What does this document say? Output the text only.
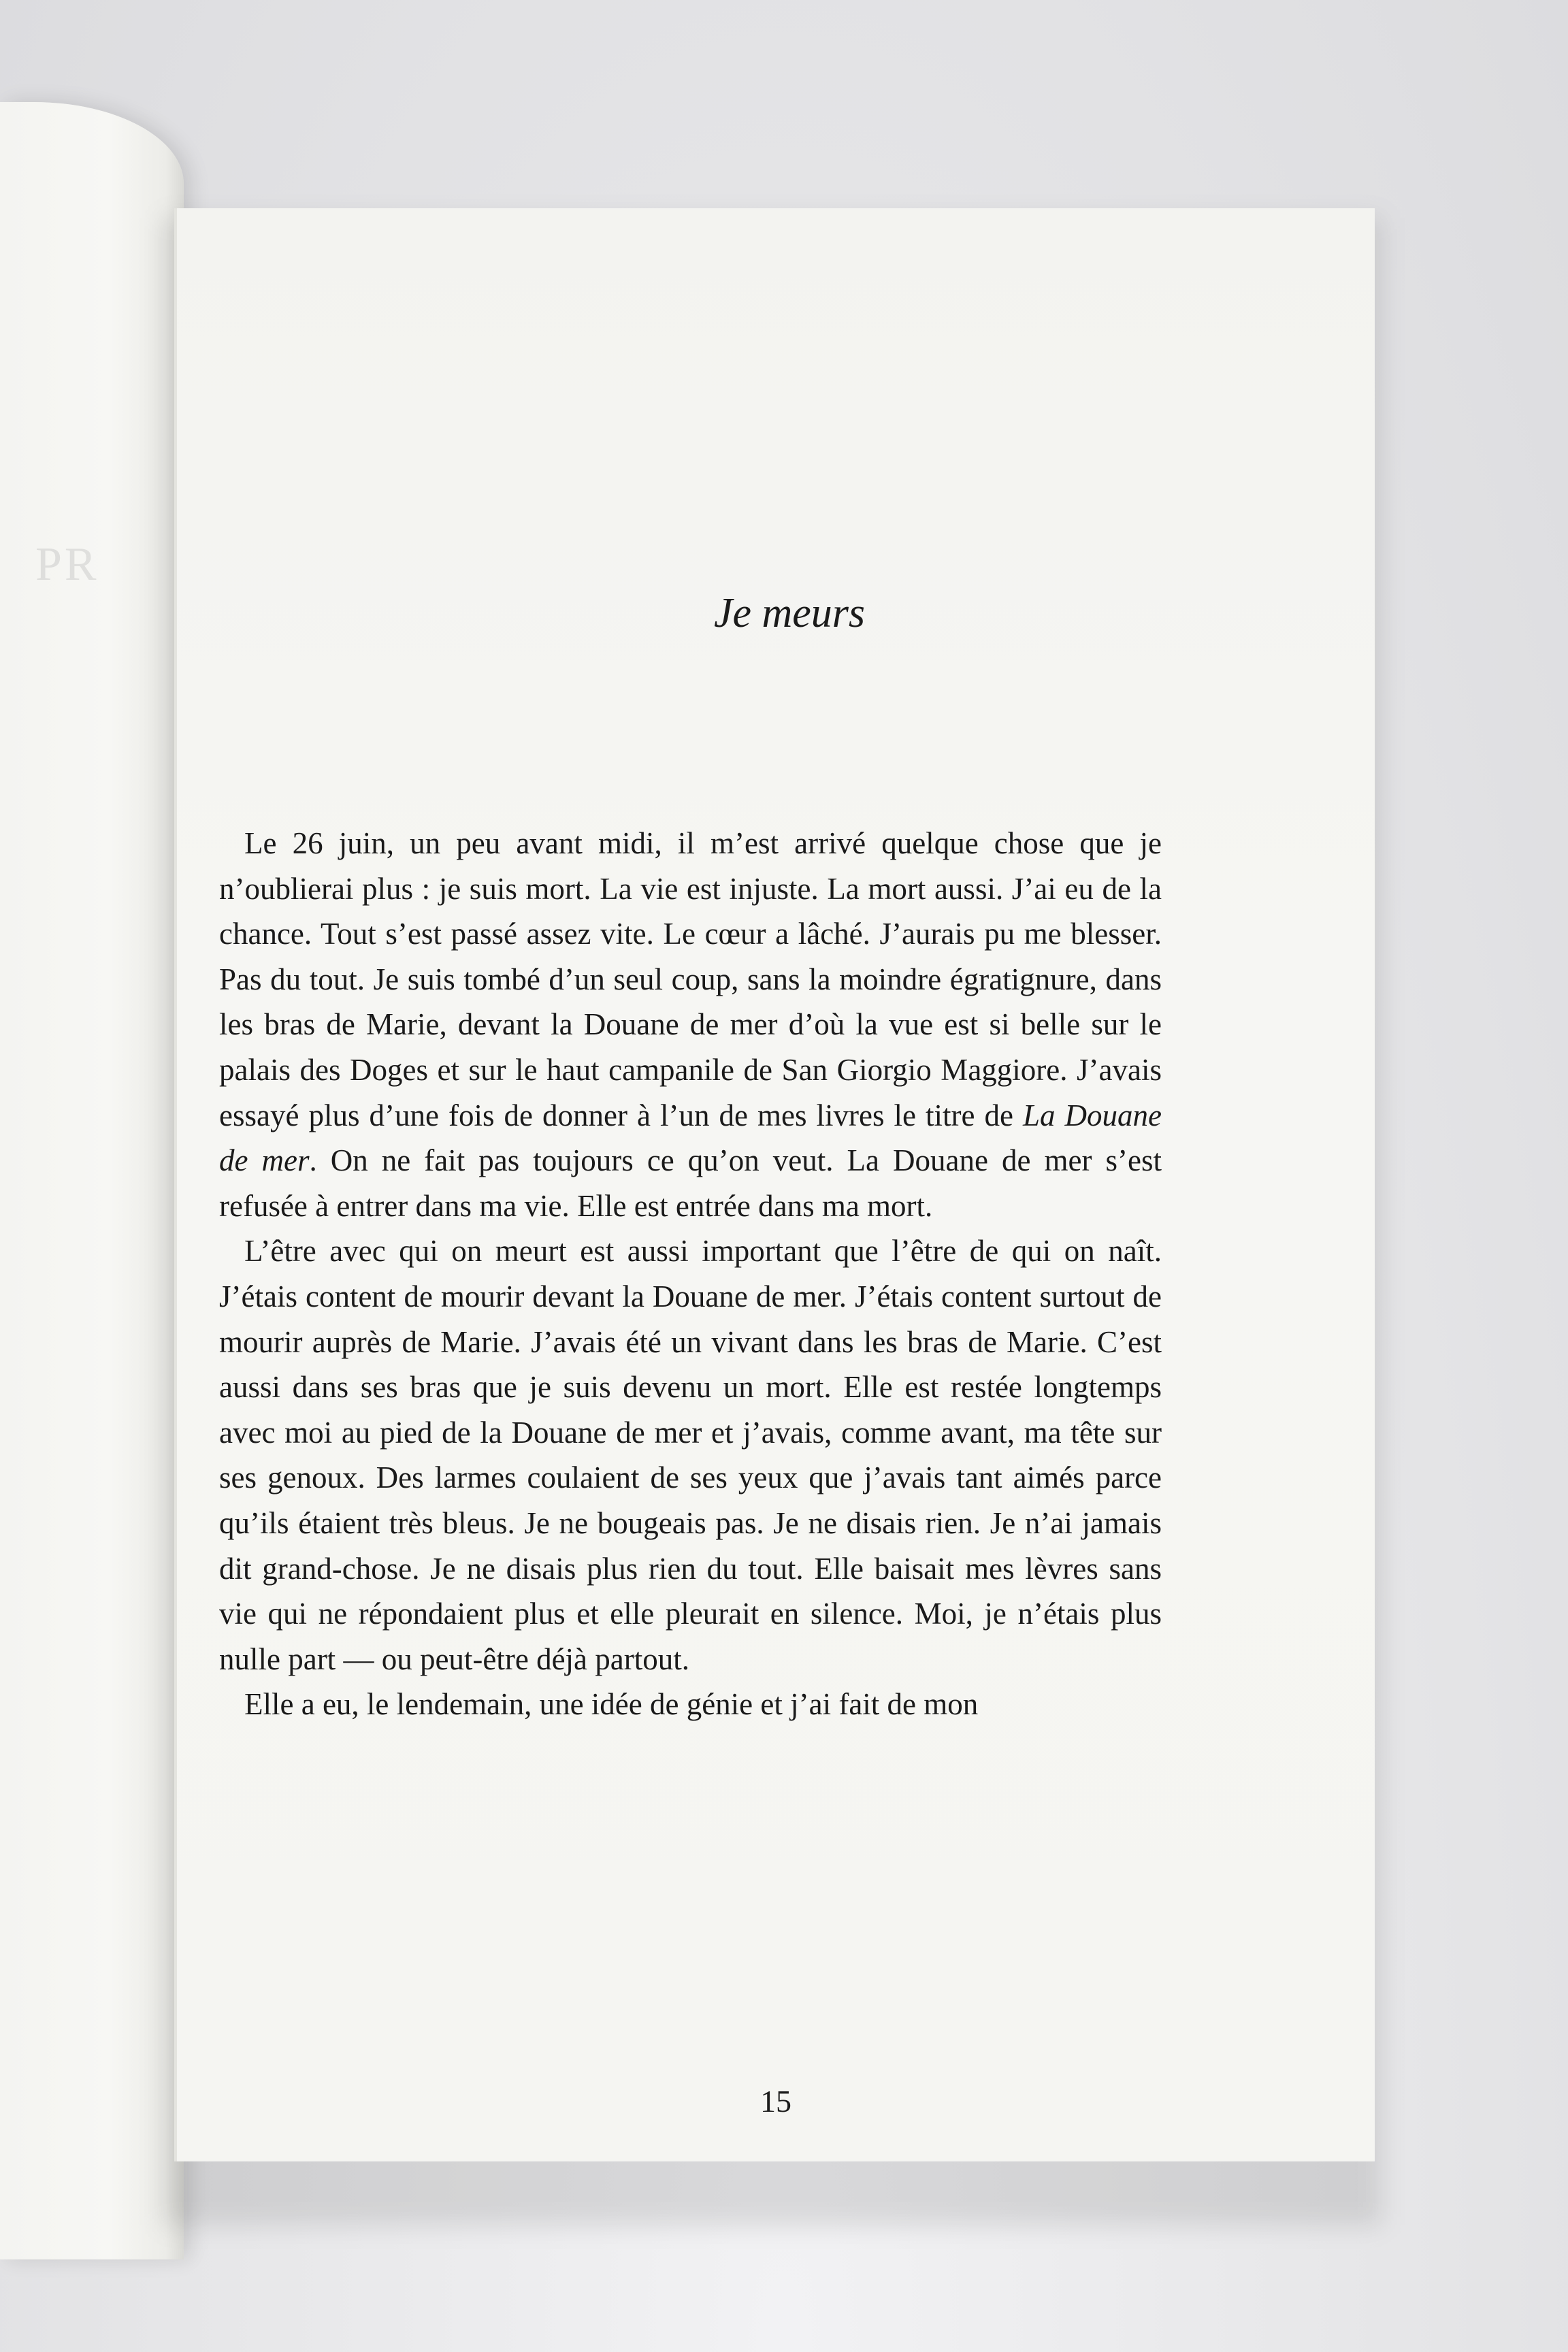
PR

Je meurs

Le 26 juin, un peu avant midi, il m’est arrivé quelque chose que je n’oublierai plus : je suis mort. La vie est injuste. La mort aussi. J’ai eu de la chance. Tout s’est passé assez vite. Le cœur a lâché. J’aurais pu me blesser. Pas du tout. Je suis tombé d’un seul coup, sans la moindre égratignure, dans les bras de Marie, devant la Douane de mer d’où la vue est si belle sur le palais des Doges et sur le haut campanile de San Giorgio Maggiore. J’avais essayé plus d’une fois de donner à l’un de mes livres le titre de La Douane de mer. On ne fait pas toujours ce qu’on veut. La Douane de mer s’est refusée à entrer dans ma vie. Elle est entrée dans ma mort.

L’être avec qui on meurt est aussi important que l’être de qui on naît. J’étais content de mourir devant la Douane de mer. J’étais content surtout de mourir auprès de Marie. J’avais été un vivant dans les bras de Marie. C’est aussi dans ses bras que je suis devenu un mort. Elle est restée longtemps avec moi au pied de la Douane de mer et j’avais, comme avant, ma tête sur ses genoux. Des larmes coulaient de ses yeux que j’avais tant aimés parce qu’ils étaient très bleus. Je ne bougeais pas. Je ne disais rien. Je n’ai jamais dit grand-chose. Je ne disais plus rien du tout. Elle baisait mes lèvres sans vie qui ne répondaient plus et elle pleurait en silence. Moi, je n’étais plus nulle part — ou peut-être déjà partout.

Elle a eu, le lendemain, une idée de génie et j’ai fait de mon

15
